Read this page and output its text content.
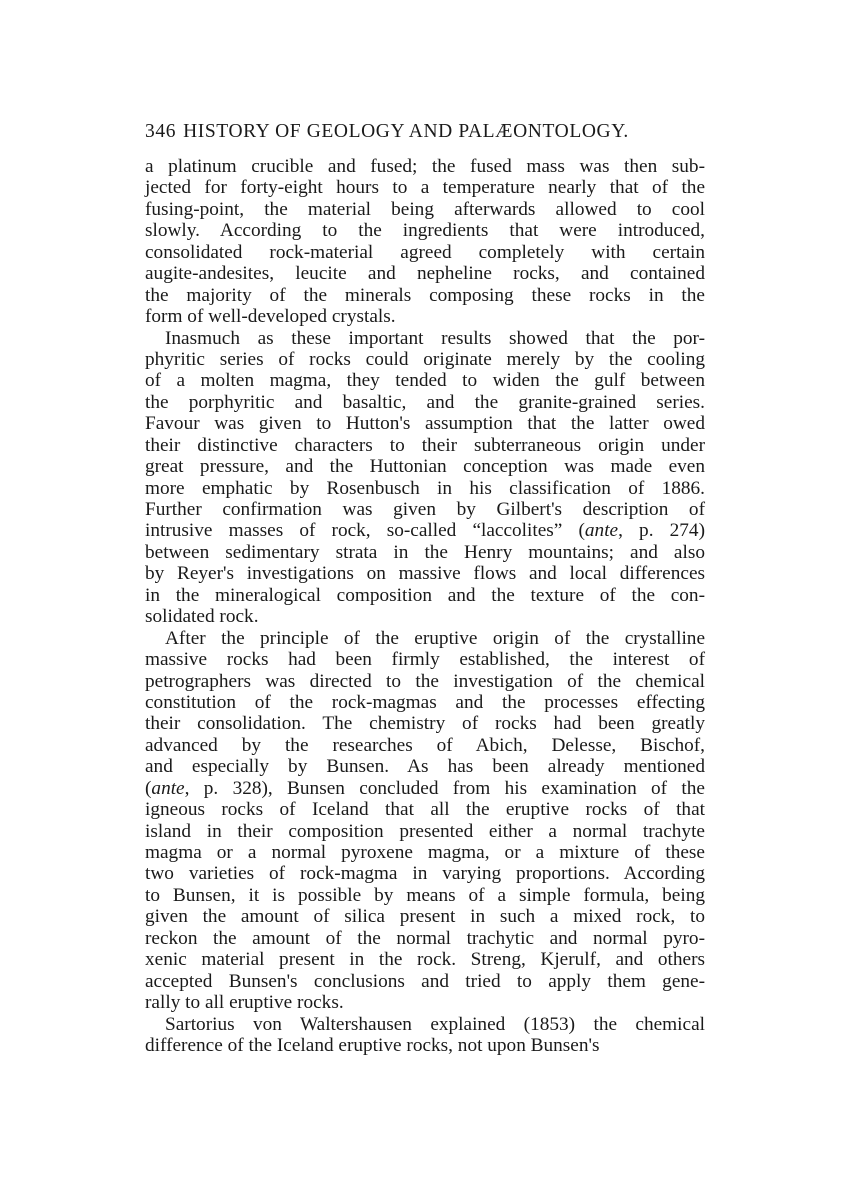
346 HISTORY OF GEOLOGY AND PALÆONTOLOGY.
a platinum crucible and fused; the fused mass was then sub-
jected for forty-eight hours to a temperature nearly that of the
fusing-point, the material being afterwards allowed to cool
slowly. According to the ingredients that were introduced,
consolidated rock-material agreed completely with certain
augite-andesites, leucite and nepheline rocks, and contained
the majority of the minerals composing these rocks in the
form of well-developed crystals.
Inasmuch as these important results showed that the por-
phyritic series of rocks could originate merely by the cooling
of a molten magma, they tended to widen the gulf between
the porphyritic and basaltic, and the granite-grained series.
Favour was given to Hutton's assumption that the latter owed
their distinctive characters to their subterraneous origin under
great pressure, and the Huttonian conception was made even
more emphatic by Rosenbusch in his classification of 1886.
Further confirmation was given by Gilbert's description of
intrusive masses of rock, so-called “laccolites” (ante, p. 274)
between sedimentary strata in the Henry mountains; and also
by Reyer's investigations on massive flows and local differences
in the mineralogical composition and the texture of the con-
solidated rock.
After the principle of the eruptive origin of the crystalline
massive rocks had been firmly established, the interest of
petrographers was directed to the investigation of the chemical
constitution of the rock-magmas and the processes effecting
their consolidation. The chemistry of rocks had been greatly
advanced by the researches of Abich, Delesse, Bischof,
and especially by Bunsen. As has been already mentioned
(ante, p. 328), Bunsen concluded from his examination of the
igneous rocks of Iceland that all the eruptive rocks of that
island in their composition presented either a normal trachyte
magma or a normal pyroxene magma, or a mixture of these
two varieties of rock-magma in varying proportions. According
to Bunsen, it is possible by means of a simple formula, being
given the amount of silica present in such a mixed rock, to
reckon the amount of the normal trachytic and normal pyro-
xenic material present in the rock. Streng, Kjerulf, and others
accepted Bunsen's conclusions and tried to apply them gene-
rally to all eruptive rocks.
Sartorius von Waltershausen explained (1853) the chemical
difference of the Iceland eruptive rocks, not upon Bunsen's
